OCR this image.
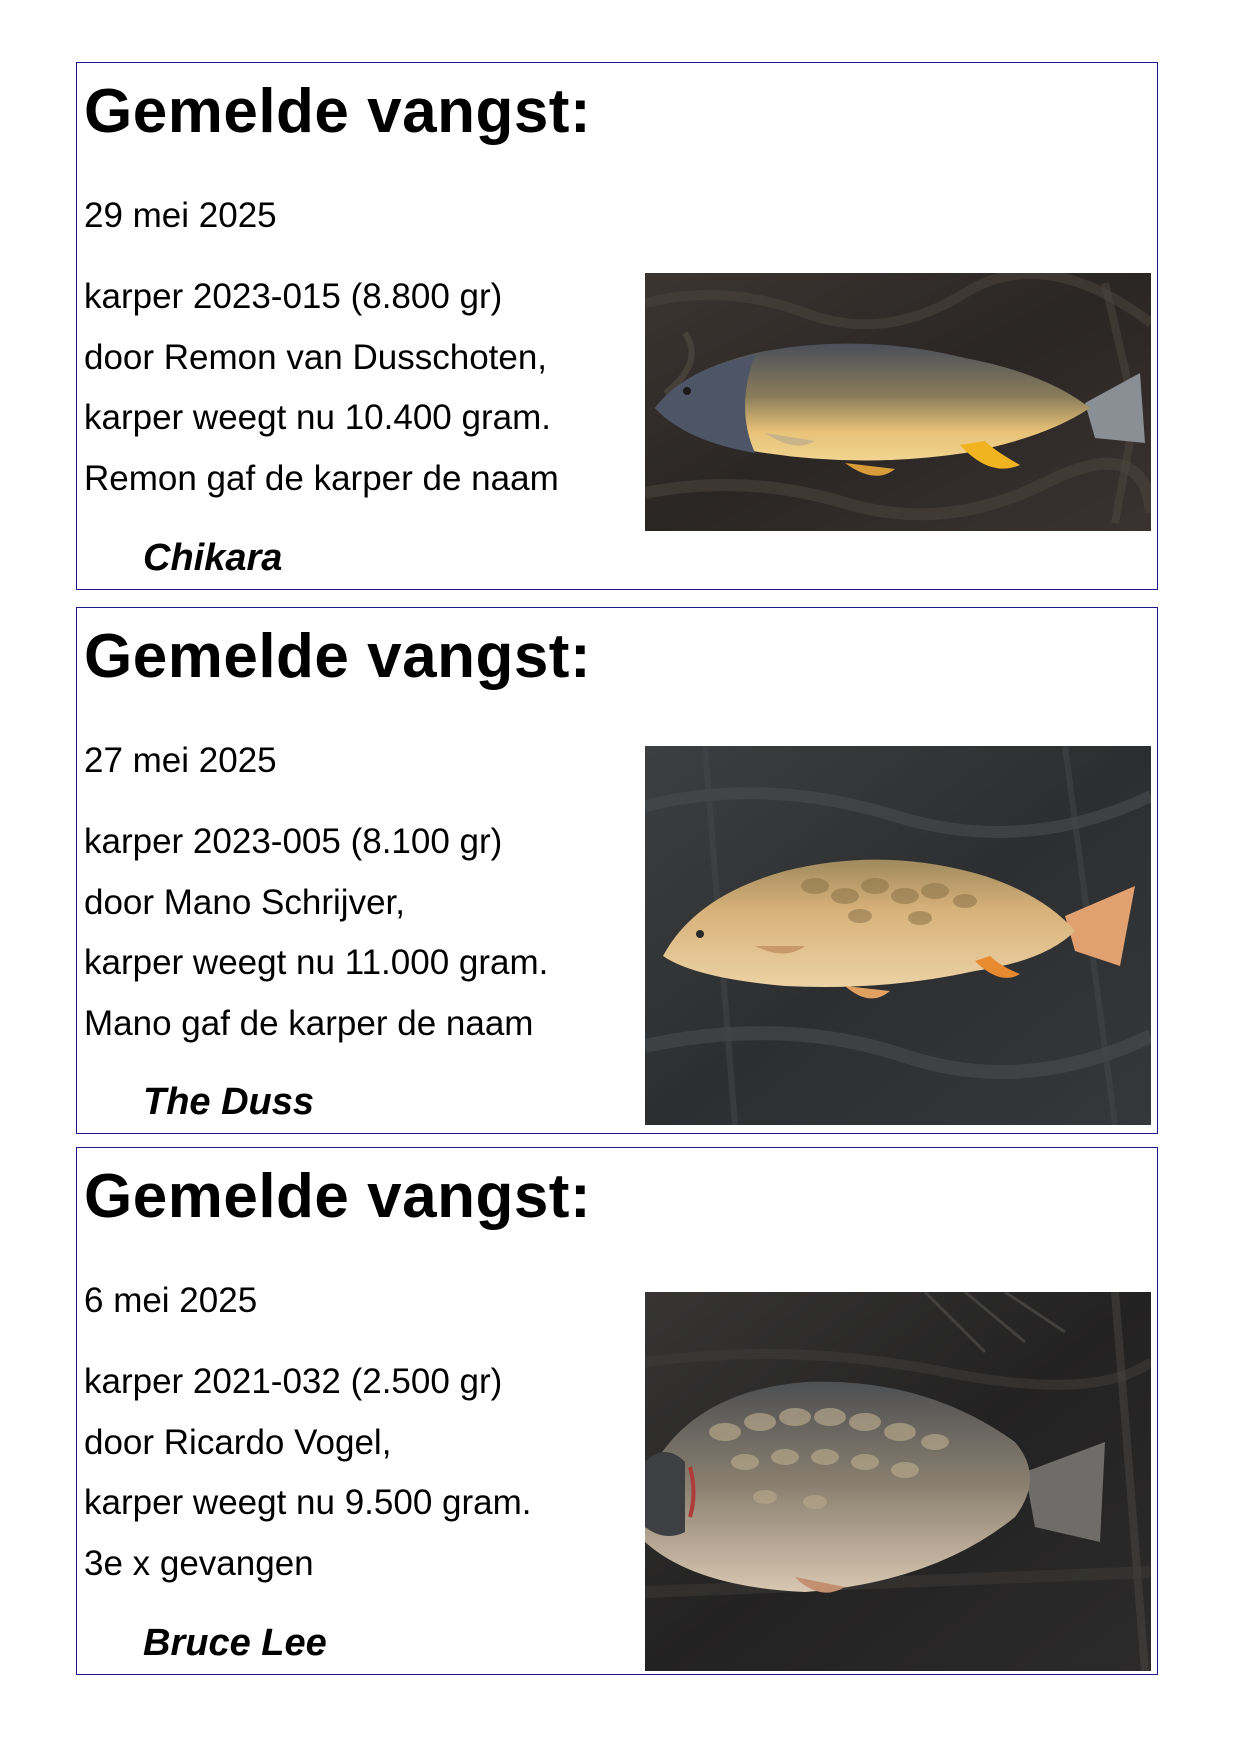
Gemelde vangst:
29 mei 2025
karper 2023-015 (8.800 gr)
door Remon van Dusschoten,
karper weegt nu 10.400 gram.
Remon gaf de karper de naam
Chikara
Gemelde vangst:
27 mei 2025
karper 2023-005 (8.100 gr)
door Mano Schrijver,
karper weegt nu 11.000 gram.
Mano gaf de karper de naam
The Duss
Gemelde vangst:
6 mei 2025
karper 2021-032 (2.500 gr)
door Ricardo Vogel,
karper weegt nu 9.500 gram.
3e x gevangen
Bruce Lee
